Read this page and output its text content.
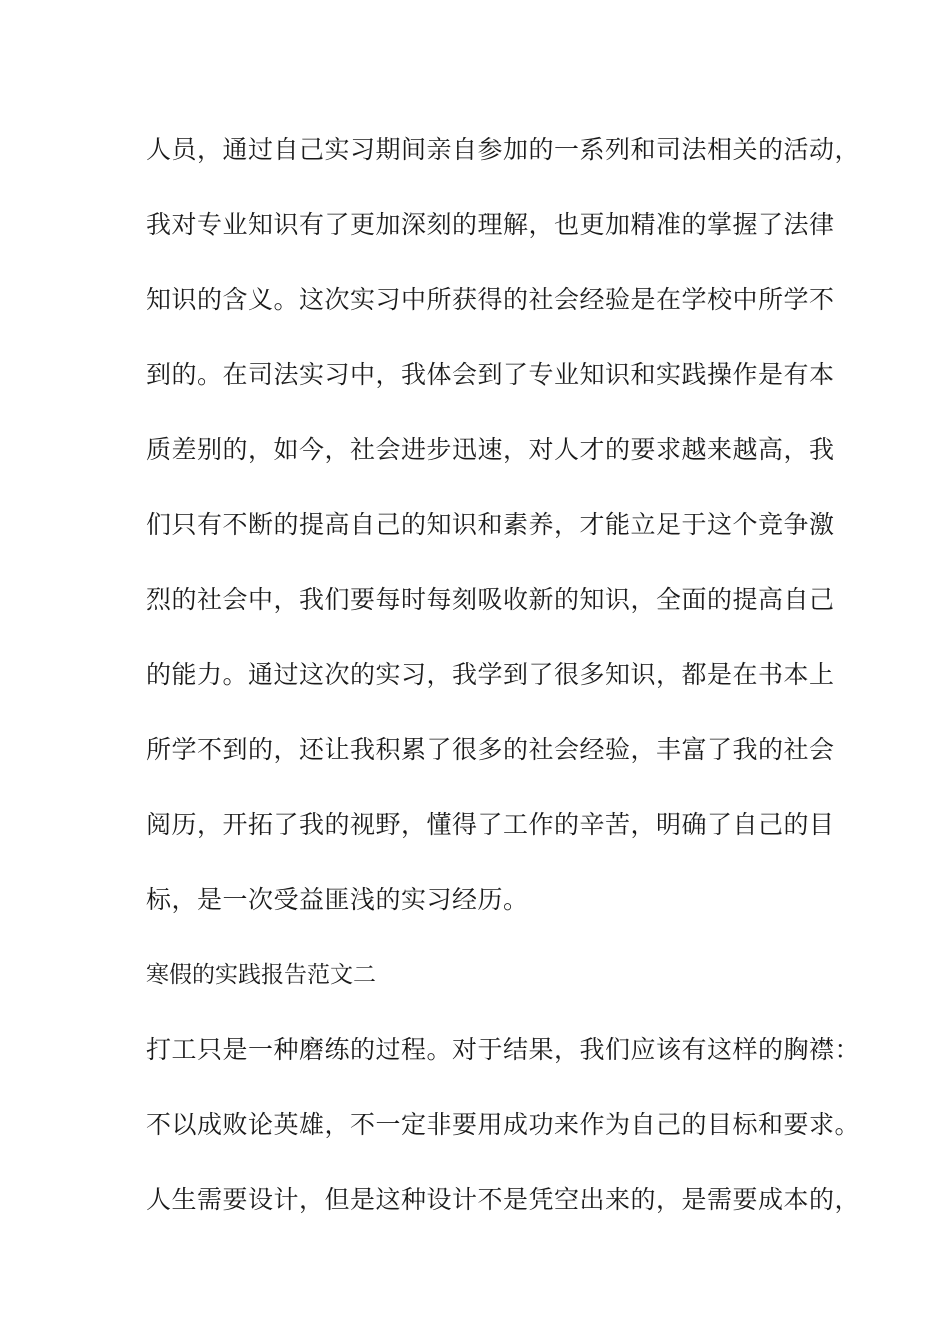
人员，通过自己实习期间亲自参加的一系列和司法相关的活动，
我对专业知识有了更加深刻的理解，也更加精准的掌握了法律
知识的含义。这次实习中所获得的社会经验是在学校中所学不
到的。在司法实习中，我体会到了专业知识和实践操作是有本
质差别的，如今，社会进步迅速，对人才的要求越来越高，我
们只有不断的提高自己的知识和素养，才能立足于这个竞争激
烈的社会中，我们要每时每刻吸收新的知识，全面的提高自己
的能力。通过这次的实习，我学到了很多知识，都是在书本上
所学不到的，还让我积累了很多的社会经验，丰富了我的社会
阅历，开拓了我的视野，懂得了工作的辛苦，明确了自己的目
标，是一次受益匪浅的实习经历。
寒假的实践报告范文二
打工只是一种磨练的过程。对于结果，我们应该有这样的胸襟：
不以成败论英雄，不一定非要用成功来作为自己的目标和要求。
人生需要设计，但是这种设计不是凭空出来的，是需要成本的，
